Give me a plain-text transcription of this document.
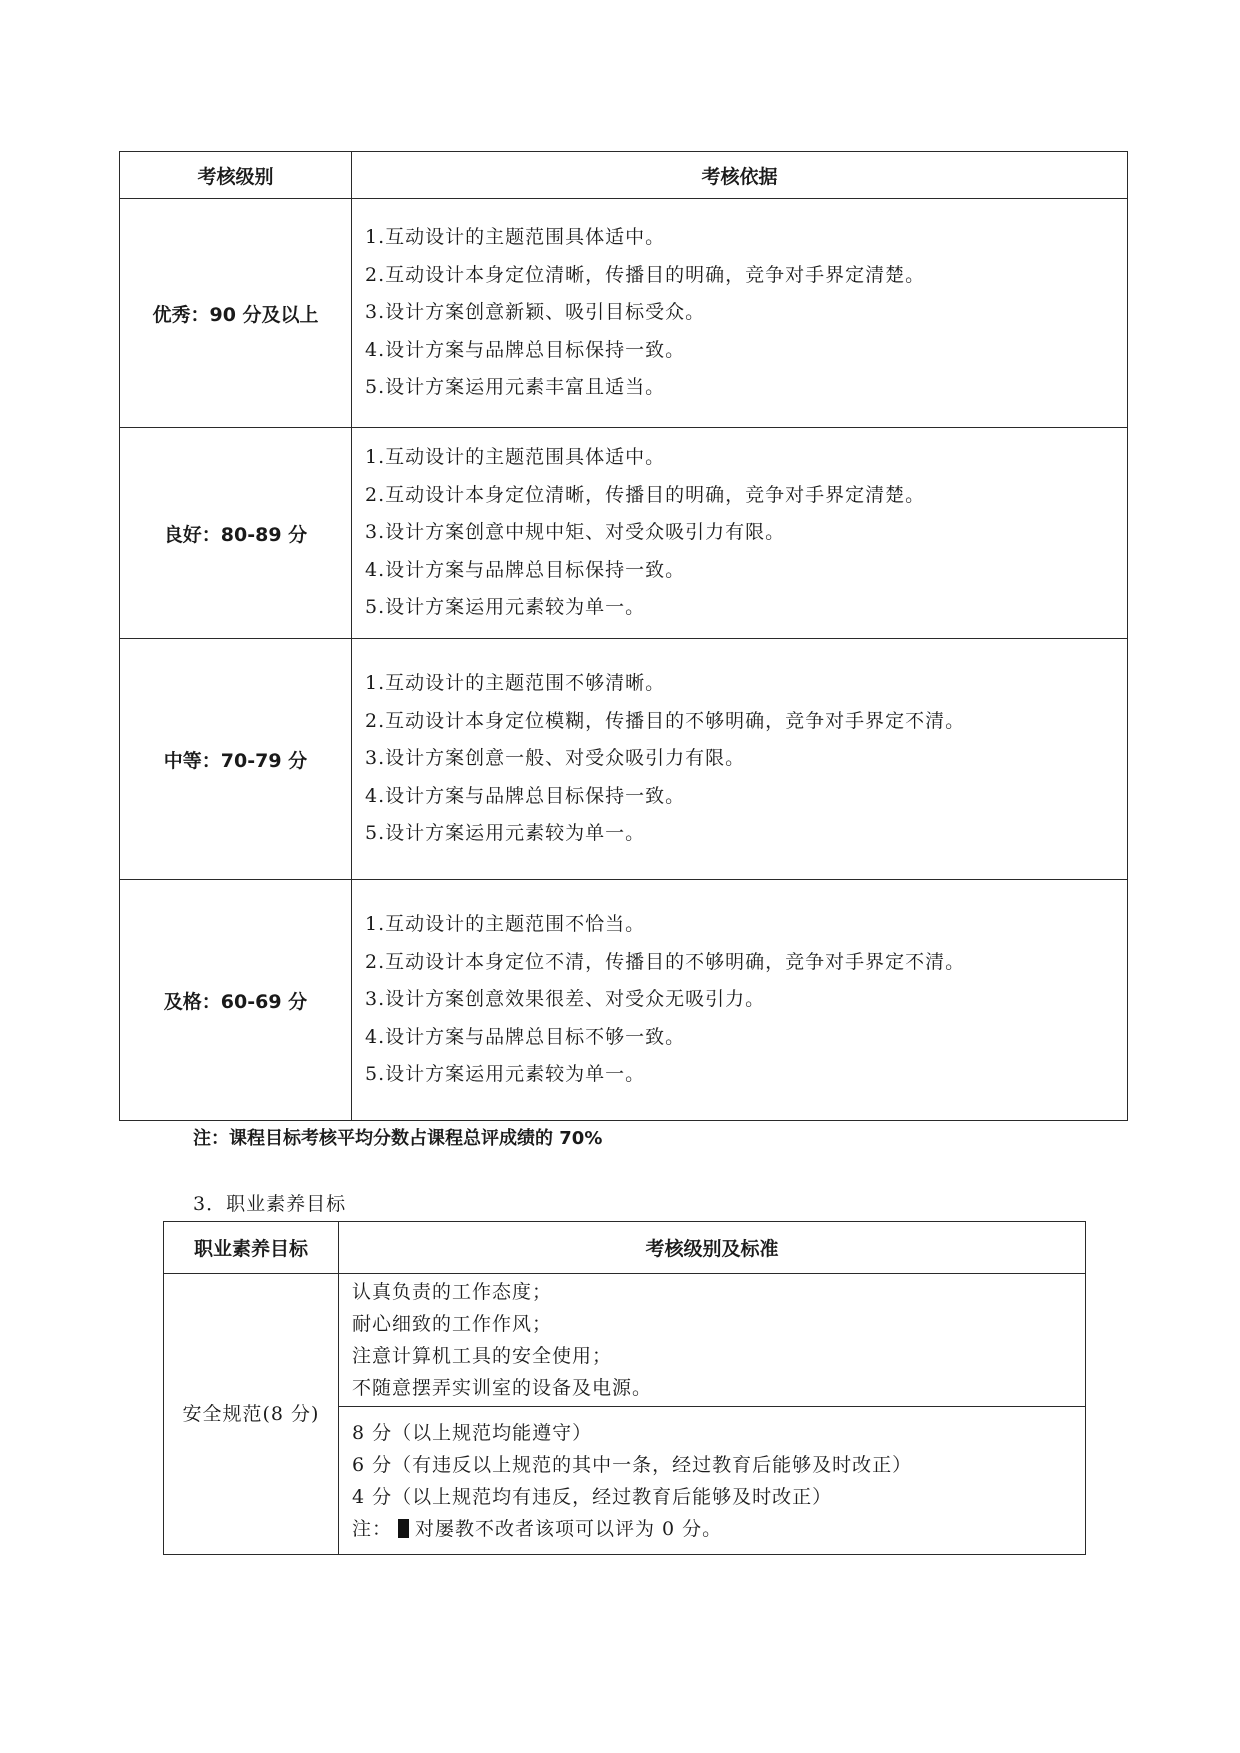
考核级别	考核依据
优秀：90 分及以上	1.互动设计的主题范围具体适中。
2.互动设计本身定位清晰，传播目的明确，竞争对手界定清楚。
3.设计方案创意新颖、吸引目标受众。
4.设计方案与品牌总目标保持一致。
5.设计方案运用元素丰富且适当。

良好：80-89 分	1.互动设计的主题范围具体适中。
2.互动设计本身定位清晰，传播目的明确，竞争对手界定清楚。
3.设计方案创意中规中矩、对受众吸引力有限。
4.设计方案与品牌总目标保持一致。
5.设计方案运用元素较为单一。

中等：70-79 分	1.互动设计的主题范围不够清晰。
2.互动设计本身定位模糊，传播目的不够明确，竞争对手界定不清。
3.设计方案创意一般、对受众吸引力有限。
4.设计方案与品牌总目标保持一致。
5.设计方案运用元素较为单一。

及格：60-69 分	1.互动设计的主题范围不恰当。
2.互动设计本身定位不清，传播目的不够明确，竞争对手界定不清。
3.设计方案创意效果很差、对受众无吸引力。
4.设计方案与品牌总目标不够一致。
5.设计方案运用元素较为单一。
注：课程目标考核平均分数占课程总评成绩的 70%
3．职业素养目标
职业素养目标	考核级别及标准

安全规范(8 分)	认真负责的工作态度；
耐心细致的工作作风；
注意计算机工具的安全使用；
不随意摆弄实训室的设备及电源。

	8 分（以上规范均能遵守）
6 分（有违反以上规范的其中一条，经过教育后能够及时改正）
4 分（以上规范均有违反，经过教育后能够及时改正）
注： 对屡教不改者该项可以评为 0 分。
